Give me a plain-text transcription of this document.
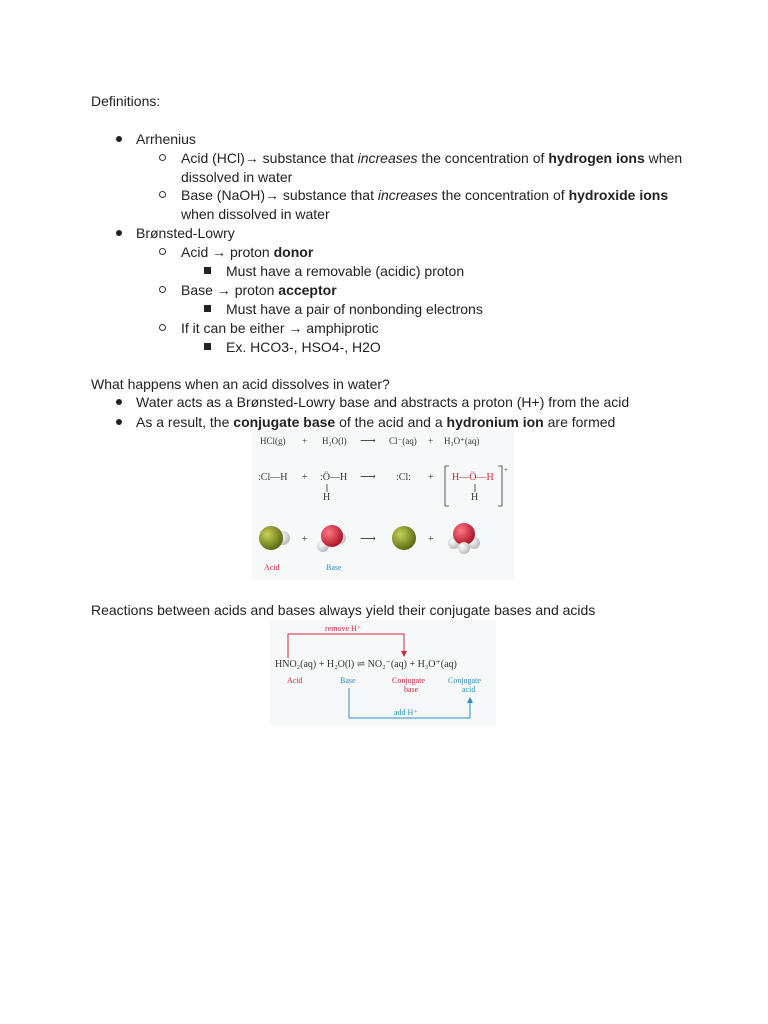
Definitions:
Arrhenius
Acid (HCl)→ substance that increases the concentration of hydrogen ions when
dissolved in water
Base (NaOH)→ substance that increases the concentration of hydroxide ions
when dissolved in water
Brønsted-Lowry
Acid → proton donor
Must have a removable (acidic) proton
Base → proton acceptor
Must have a pair of nonbonding electrons
If it can be either → amphiprotic
Ex. HCO3-, HSO4-, H2O
What happens when an acid dissolves in water?
Water acts as a Brønsted-Lowry base and abstracts a proton (H+) from the acid
As a result, the conjugate base of the acid and a hydronium ion are formed
HCl(g) + H₂O(l) ⟶ Cl⁻(aq) + H₃O⁺(aq)
:Cl—H + :Ö—H
H
⟶ :Cl: + H—Ö—H
H
+
+	⟶	+
Acid	Base
Reactions between acids and bases always yield their conjugate bases and acids
remove H⁺
HNO₂(aq) + H₂O(l) ⇌ NO₂⁻(aq) + H₃O⁺(aq)
Acid	Base	Conjugate
base
Conjugate
acid
add H⁺
